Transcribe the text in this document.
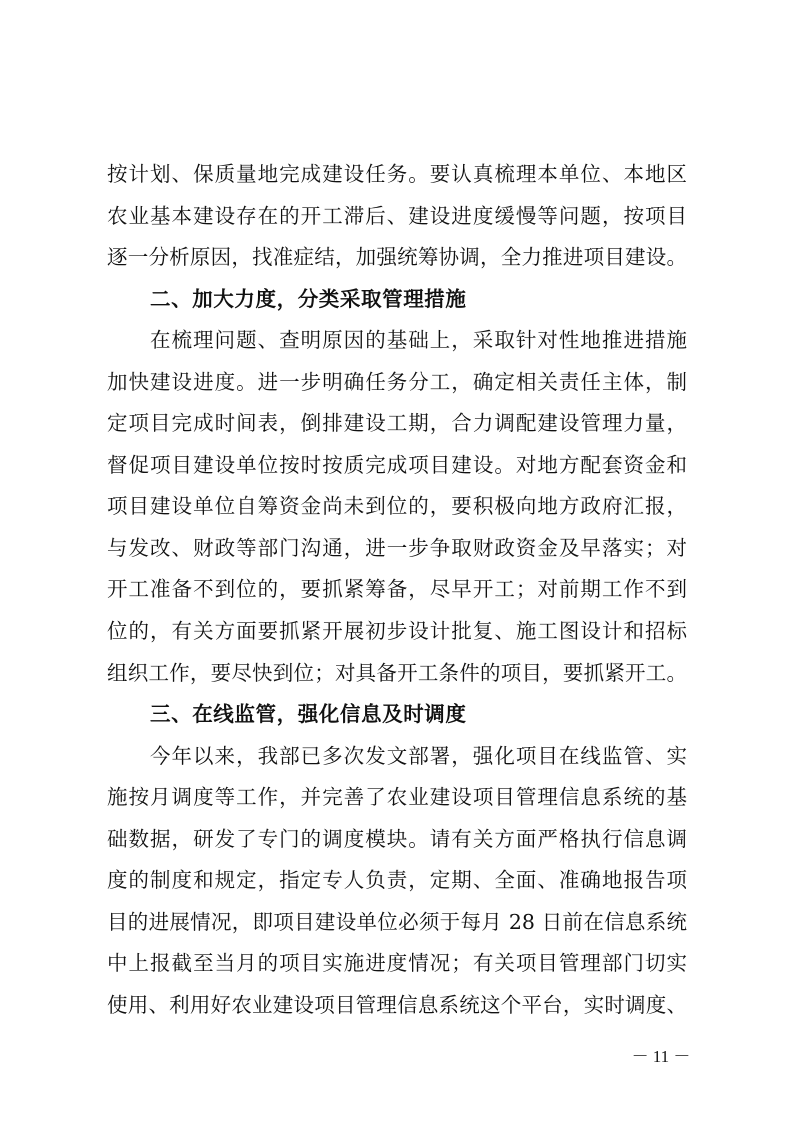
按计划、保质量地完成建设任务。要认真梳理本单位、本地区
农业基本建设存在的开工滞后、建设进度缓慢等问题，按项目
逐一分析原因，找准症结，加强统筹协调，全力推进项目建设。
二、加大力度，分类采取管理措施
在梳理问题、查明原因的基础上，采取针对性地推进措施
加快建设进度。进一步明确任务分工，确定相关责任主体，制
定项目完成时间表，倒排建设工期，合力调配建设管理力量，
督促项目建设单位按时按质完成项目建设。对地方配套资金和
项目建设单位自筹资金尚未到位的，要积极向地方政府汇报，
与发改、财政等部门沟通，进一步争取财政资金及早落实；对
开工准备不到位的，要抓紧筹备，尽早开工；对前期工作不到
位的，有关方面要抓紧开展初步设计批复、施工图设计和招标
组织工作，要尽快到位；对具备开工条件的项目，要抓紧开工。
三、在线监管，强化信息及时调度
今年以来，我部已多次发文部署，强化项目在线监管、实
施按月调度等工作，并完善了农业建设项目管理信息系统的基
础数据，研发了专门的调度模块。请有关方面严格执行信息调
度的制度和规定，指定专人负责，定期、全面、准确地报告项
目的进展情况，即项目建设单位必须于每月 28 日前在信息系统
中上报截至当月的项目实施进度情况；有关项目管理部门切实
使用、利用好农业建设项目管理信息系统这个平台，实时调度、
－ 11 －
